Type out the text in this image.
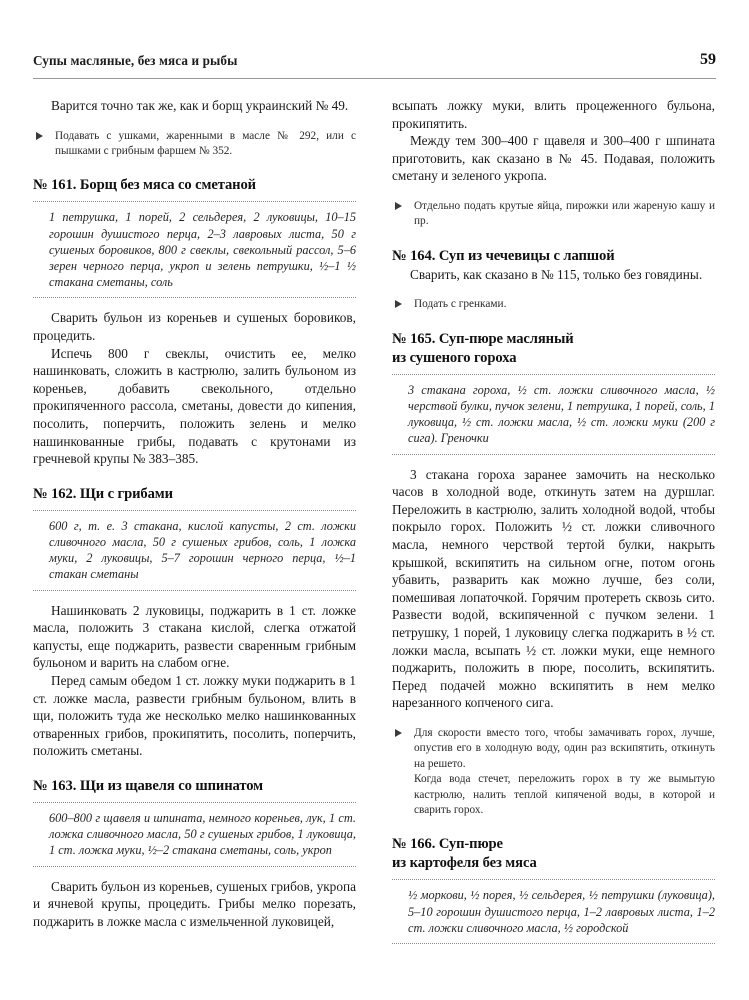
Супы масляные, без мяса и рыбы	59

Варится точно так же, как и борщ украинский № 49.

Подавать с ушками, жаренными в масле № 292, или с пышками с грибным фаршем № 352.

№ 161. Борщ без мяса со сметаной
1 петрушка, 1 порей, 2 сельдерея, 2 луковицы, 10–15 горошин душистого перца, 2–3 лавровых листа, 50 г сушеных боровиков, 800 г свеклы, свекольный рассол, 5–6 зерен черного перца, укроп и зелень петрушки, ½–1 ½ стакана сметаны, соль

Сварить бульон из кореньев и сушеных боровиков, процедить.

Испечь 800 г свеклы, очистить ее, мелко нашинковать, сложить в кастрюлю, залить бульоном из кореньев, добавить свекольного, отдельно прокипяченного рассола, сметаны, довести до кипения, посолить, поперчить, положить зелень и мелко нашинкованные грибы, подавать с крутонами из гречневой крупы № 383–385.

№ 162. Щи с грибами
600 г, т. е. 3 стакана, кислой капусты, 2 ст. ложки сливочного масла, 50 г сушеных грибов, соль, 1 ложка муки, 2 луковицы, 5–7 горошин черного перца, ½–1 стакан сметаны

Нашинковать 2 луковицы, поджарить в 1 ст. ложке масла, положить 3 стакана кислой, слегка отжатой капусты, еще поджарить, развести сваренным грибным бульоном и варить на слабом огне.

Перед самым обедом 1 ст. ложку муки поджарить в 1 ст. ложке масла, развести грибным бульоном, влить в щи, положить туда же несколько мелко нашинкованных отваренных грибов, прокипятить, посолить, поперчить, положить сметаны.

№ 163. Щи из щавеля со шпинатом
600–800 г щавеля и шпината, немного кореньев, лук, 1 ст. ложка сливочного масла, 50 г сушеных грибов, 1 луковица, 1 ст. ложка муки, ½–2 стакана сметаны, соль, укроп

Сварить бульон из кореньев, сушеных грибов, укропа и ячневой крупы, процедить. Грибы мелко порезать, поджарить в ложке масла с измельченной луковицей,

всыпать ложку муки, влить процеженного бульона, прокипятить.

Между тем 300–400 г щавеля и 300–400 г шпината приготовить, как сказано в № 45. Подавая, положить сметану и зеленого укропа.

Отдельно подать крутые яйца, пирожки или жареную кашу и пр.

№ 164. Суп из чечевицы с лапшой

Сварить, как сказано в № 115, только без говядины.

Подать с гренками.

№ 165. Суп-пюре масляный
из сушеного гороха
3 стакана гороха, ½ ст. ложки сливочного масла, ½ черствой булки, пучок зелени, 1 петрушка, 1 порей, соль, 1 луковица, ½ ст. ложки масла, ½ ст. ложки муки (200 г сига). Греночки

3 стакана гороха заранее замочить на несколько часов в холодной воде, откинуть затем на дуршлаг. Переложить в кастрюлю, залить холодной водой, чтобы покрыло горох. Положить ½ ст. ложки сливочного масла, немного черствой тертой булки, накрыть крышкой, вскипятить на сильном огне, потом огонь убавить, разварить как можно лучше, без соли, помешивая лопаточкой. Горячим протереть сквозь сито. Развести водой, вскипяченной с пучком зелени. 1 петрушку, 1 порей, 1 луковицу слегка поджарить в ½ ст. ложки масла, всыпать ½ ст. ложки муки, еще немного поджарить, положить в пюре, посолить, вскипятить. Перед подачей можно вскипятить в нем мелко нарезанного копченого сига.

Для скорости вместо того, чтобы замачивать горох, лучше, опустив его в холодную воду, один раз вскипятить, откинуть на решето.

Когда вода стечет, переложить горох в ту же вымытую кастрюлю, налить теплой кипяченой воды, в которой и сварить горох.

№ 166. Суп-пюре
из картофеля без мяса
½ моркови, ½ порея, ½ сельдерея, ½ петрушки (луковица), 5–10 горошин душистого перца, 1–2 лавровых листа, 1–2 ст. ложки сливочного масла, ½ городской
